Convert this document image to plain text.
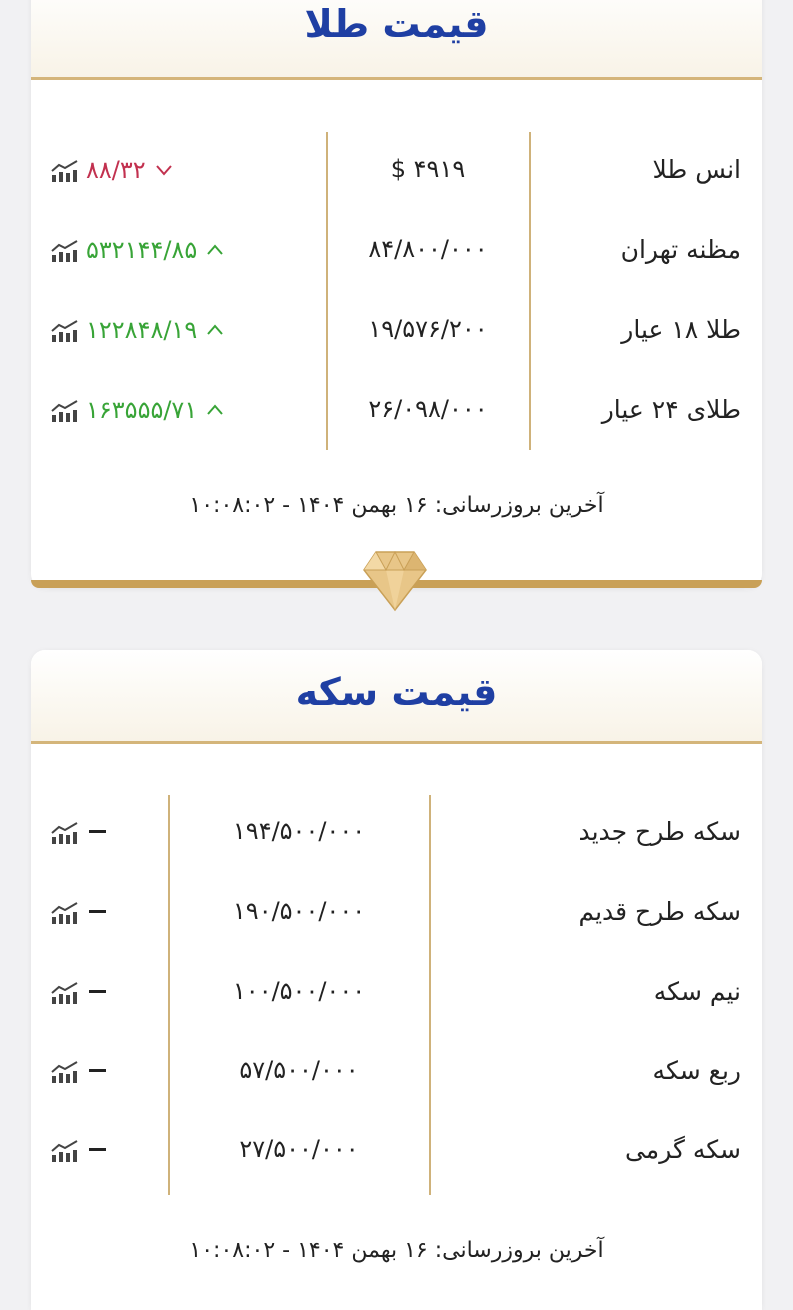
قیمت طلا
انس طلا
$ ۴۹۱۹
۸۸/۳۲
مظنه تهران
۸۴/۸۰۰/۰۰۰
۵۳۲۱۴۴/۸۵
طلا ۱۸ عیار
۱۹/۵۷۶/۲۰۰
۱۲۲۸۴۸/۱۹
طلای ۲۴ عیار
۲۶/۰۹۸/۰۰۰
۱۶۳۵۵۵/۷۱
آخرین بروزرسانی: ۱۶ بهمن ۱۴۰۴ - ۱۰:۰۸:۰۲
قیمت سکه
سکه طرح جدید
۱۹۴/۵۰۰/۰۰۰
سکه طرح قدیم
۱۹۰/۵۰۰/۰۰۰
نیم سکه
۱۰۰/۵۰۰/۰۰۰
ربع سکه
۵۷/۵۰۰/۰۰۰
سکه گرمی
۲۷/۵۰۰/۰۰۰
آخرین بروزرسانی: ۱۶ بهمن ۱۴۰۴ - ۱۰:۰۸:۰۲
